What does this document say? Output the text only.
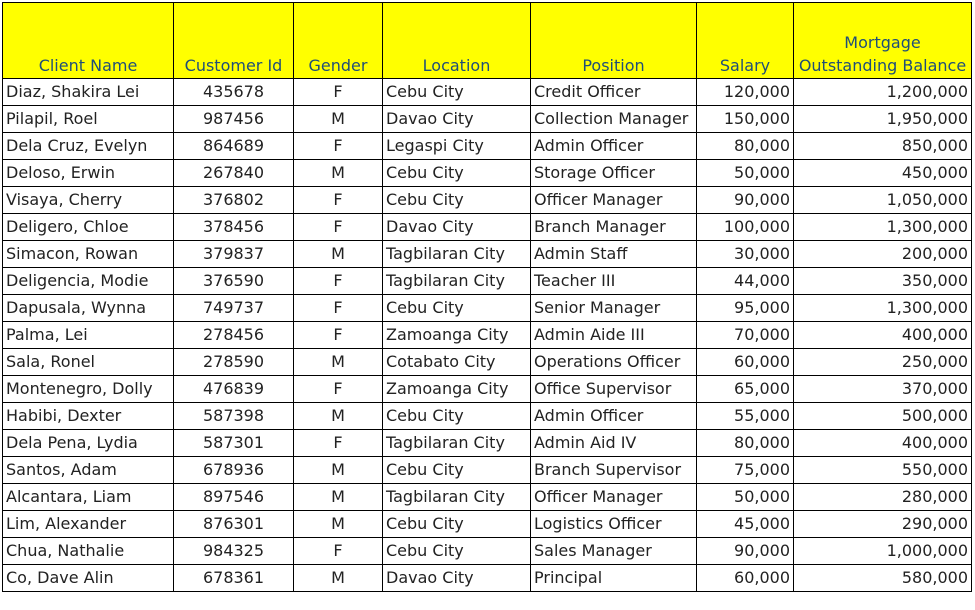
Client Name	Customer Id	Gender	Location	Position	Salary	Mortgage Outstanding Balance
Diaz, Shakira Lei	435678	F	Cebu City	Credit Officer	120,000	1,200,000
Pilapil, Roel	987456	M	Davao City	Collection Manager	150,000	1,950,000
Dela Cruz, Evelyn	864689	F	Legaspi City	Admin Officer	80,000	850,000
Deloso, Erwin	267840	M	Cebu City	Storage Officer	50,000	450,000
Visaya, Cherry	376802	F	Cebu City	Officer Manager	90,000	1,050,000
Deligero, Chloe	378456	F	Davao City	Branch Manager	100,000	1,300,000
Simacon, Rowan	379837	M	Tagbilaran City	Admin Staff	30,000	200,000
Deligencia, Modie	376590	F	Tagbilaran City	Teacher III	44,000	350,000
Dapusala, Wynna	749737	F	Cebu City	Senior Manager	95,000	1,300,000
Palma, Lei	278456	F	Zamoanga City	Admin Aide III	70,000	400,000
Sala, Ronel	278590	M	Cotabato City	Operations Officer	60,000	250,000
Montenegro, Dolly	476839	F	Zamoanga City	Office Supervisor	65,000	370,000
Habibi, Dexter	587398	M	Cebu City	Admin Officer	55,000	500,000
Dela Pena, Lydia	587301	F	Tagbilaran City	Admin Aid IV	80,000	400,000
Santos, Adam	678936	M	Cebu City	Branch Supervisor	75,000	550,000
Alcantara, Liam	897546	M	Tagbilaran City	Officer Manager	50,000	280,000
Lim, Alexander	876301	M	Cebu City	Logistics Officer	45,000	290,000
Chua, Nathalie	984325	F	Cebu City	Sales Manager	90,000	1,000,000
Co, Dave Alin	678361	M	Davao City	Principal	60,000	580,000
